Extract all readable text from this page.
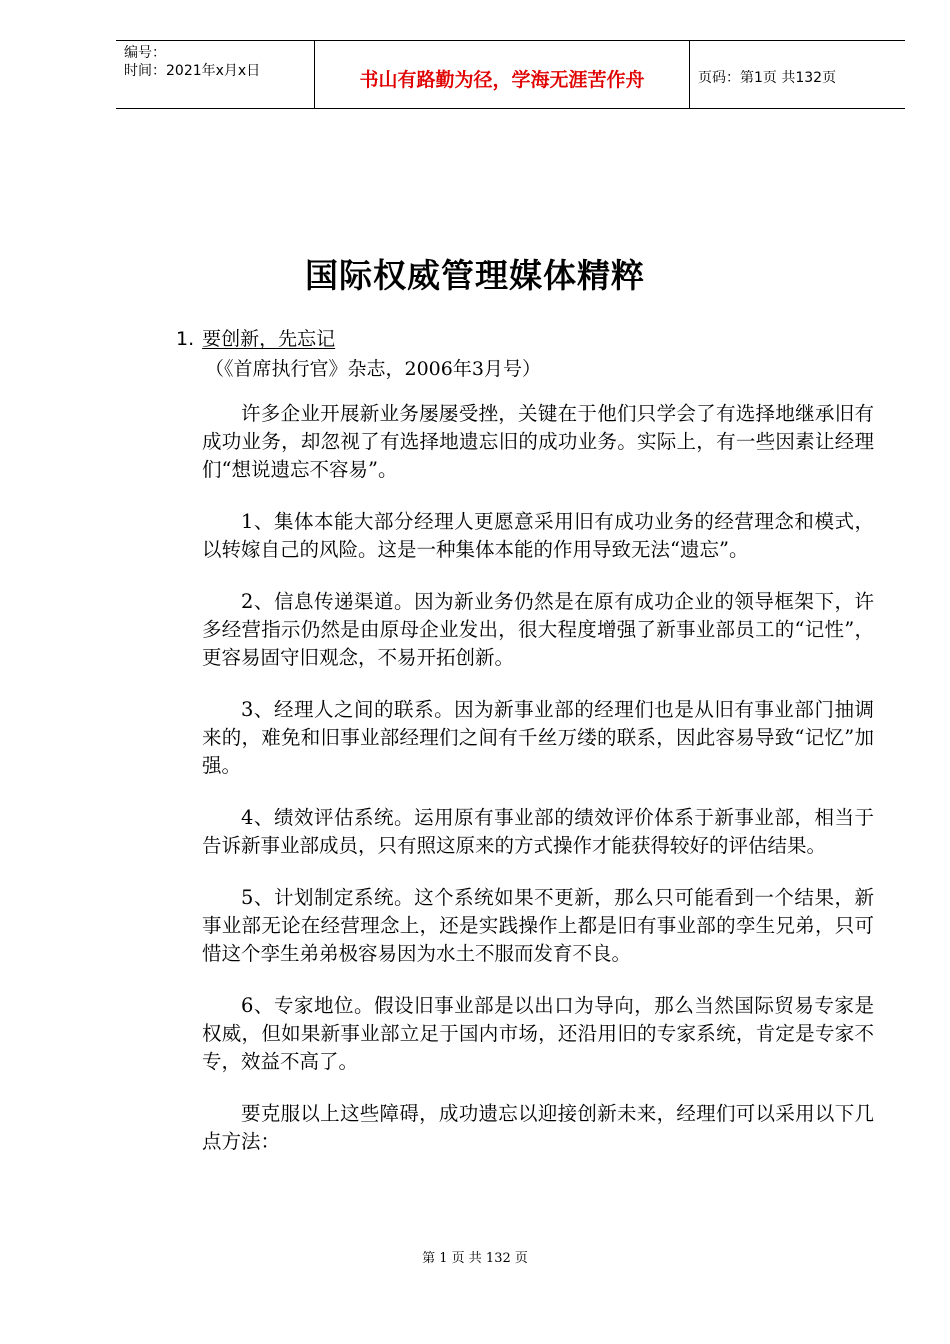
编号：
时间：2021年x月x日	书山有路勤为径，学海无涯苦作舟	页码：第1页 共132页
国际权威管理媒体精粹
1. 要创新，先忘记
（《首席执行官》杂志，2006年3月号）

许多企业开展新业务屡屡受挫，关键在于他们只学会了有选择地继承旧有成功业务，却忽视了有选择地遗忘旧的成功业务。实际上，有一些因素让经理们“想说遗忘不容易”。

1、集体本能大部分经理人更愿意采用旧有成功业务的经营理念和模式，以转嫁自己的风险。这是一种集体本能的作用导致无法“遗忘”。

2、信息传递渠道。因为新业务仍然是在原有成功企业的领导框架下，许多经营指示仍然是由原母企业发出，很大程度增强了新事业部员工的“记性”，更容易固守旧观念，不易开拓创新。

3、经理人之间的联系。因为新事业部的经理们也是从旧有事业部门抽调来的，难免和旧事业部经理们之间有千丝万缕的联系，因此容易导致“记忆”加强。

4、绩效评估系统。运用原有事业部的绩效评价体系于新事业部，相当于告诉新事业部成员，只有照这原来的方式操作才能获得较好的评估结果。

5、计划制定系统。这个系统如果不更新，那么只可能看到一个结果，新事业部无论在经营理念上，还是实践操作上都是旧有事业部的孪生兄弟，只可惜这个孪生弟弟极容易因为水土不服而发育不良。

6、专家地位。假设旧事业部是以出口为导向，那么当然国际贸易专家是权威，但如果新事业部立足于国内市场，还沿用旧的专家系统，肯定是专家不专，效益不高了。

要克服以上这些障碍，成功遗忘以迎接创新未来，经理们可以采用以下几点方法：

第 1 页 共 132 页
